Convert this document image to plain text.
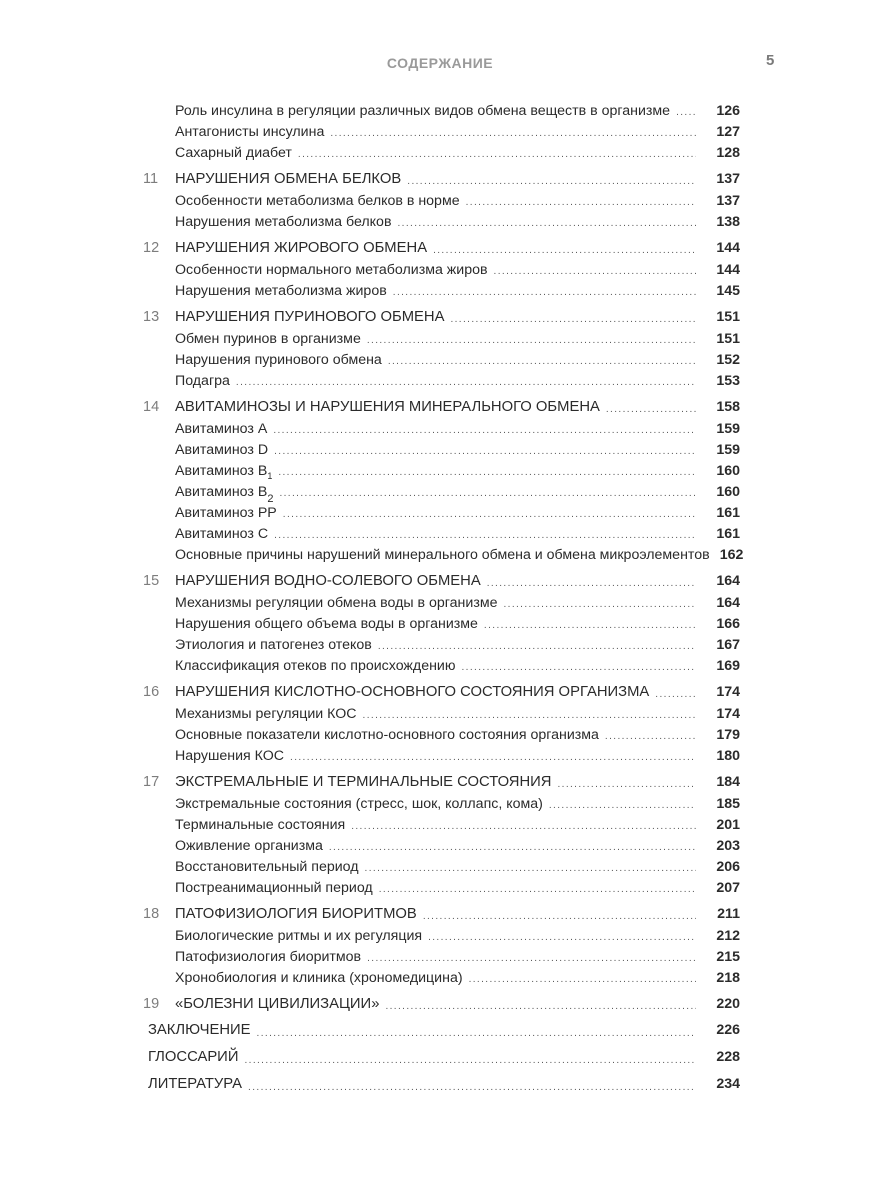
СОДЕРЖАНИЕ	5
Роль инсулина в регуляции различных видов обмена веществ в организме .....	126
Антагонисты инсулина .....	127
Сахарный диабет .....	128
11	НАРУШЕНИЯ ОБМЕНА БЕЛКОВ .....	137
Особенности метаболизма белков в норме .....	137
Нарушения метаболизма белков .....	138
12	НАРУШЕНИЯ ЖИРОВОГО ОБМЕНА .....	144
Особенности нормального метаболизма жиров .....	144
Нарушения метаболизма жиров .....	145
13	НАРУШЕНИЯ ПУРИНОВОГО ОБМЕНА .....	151
Обмен пуринов в организме .....	151
Нарушения пуринового обмена .....	152
Подагра .....	153
14	АВИТАМИНОЗЫ И НАРУШЕНИЯ МИНЕРАЛЬНОГО ОБМЕНА .....	158
Авитаминоз A .....	159
Авитаминоз D .....	159
Авитаминоз $B_1$ .....	160
Авитаминоз $B_2$ .....	160
Авитаминоз PP .....	161
Авитаминоз C .....	161
Основные причины нарушений минерального обмена и обмена микроэлементов 162
15	НАРУШЕНИЯ ВОДНО-СОЛЕВОГО ОБМЕНА .....	164
Механизмы регуляции обмена воды в организме .....	164
Нарушения общего объема воды в организме .....	166
Этиология и патогенез отеков .....	167
Классификация отеков по происхождению .....	169
16	НАРУШЕНИЯ КИСЛОТНО-ОСНОВНОГО СОСТОЯНИЯ ОРГАНИЗМА .....	174
Механизмы регуляции КОС .....	174
Основные показатели кислотно-основного состояния организма .....	179
Нарушения КОС .....	180
17	ЭКСТРЕМАЛЬНЫЕ И ТЕРМИНАЛЬНЫЕ СОСТОЯНИЯ .....	184
Экстремальные состояния (стресс, шок, коллапс, кома) .....	185
Терминальные состояния .....	201
Оживление организма .....	203
Восстановительный период .....	206
Постреанимационный период .....	207
18	ПАТОФИЗИОЛОГИЯ БИОРИТМОВ .....	211
Биологические ритмы и их регуляция .....	212
Патофизиология биоритмов .....	215
Хронобиология и клиника (хрономедицина) .....	218
19	«БОЛЕЗНИ ЦИВИЛИЗАЦИИ» .....	220
ЗАКЛЮЧЕНИЕ .....	226
ГЛОССАРИЙ .....	228
ЛИТЕРАТУРА .....	234
